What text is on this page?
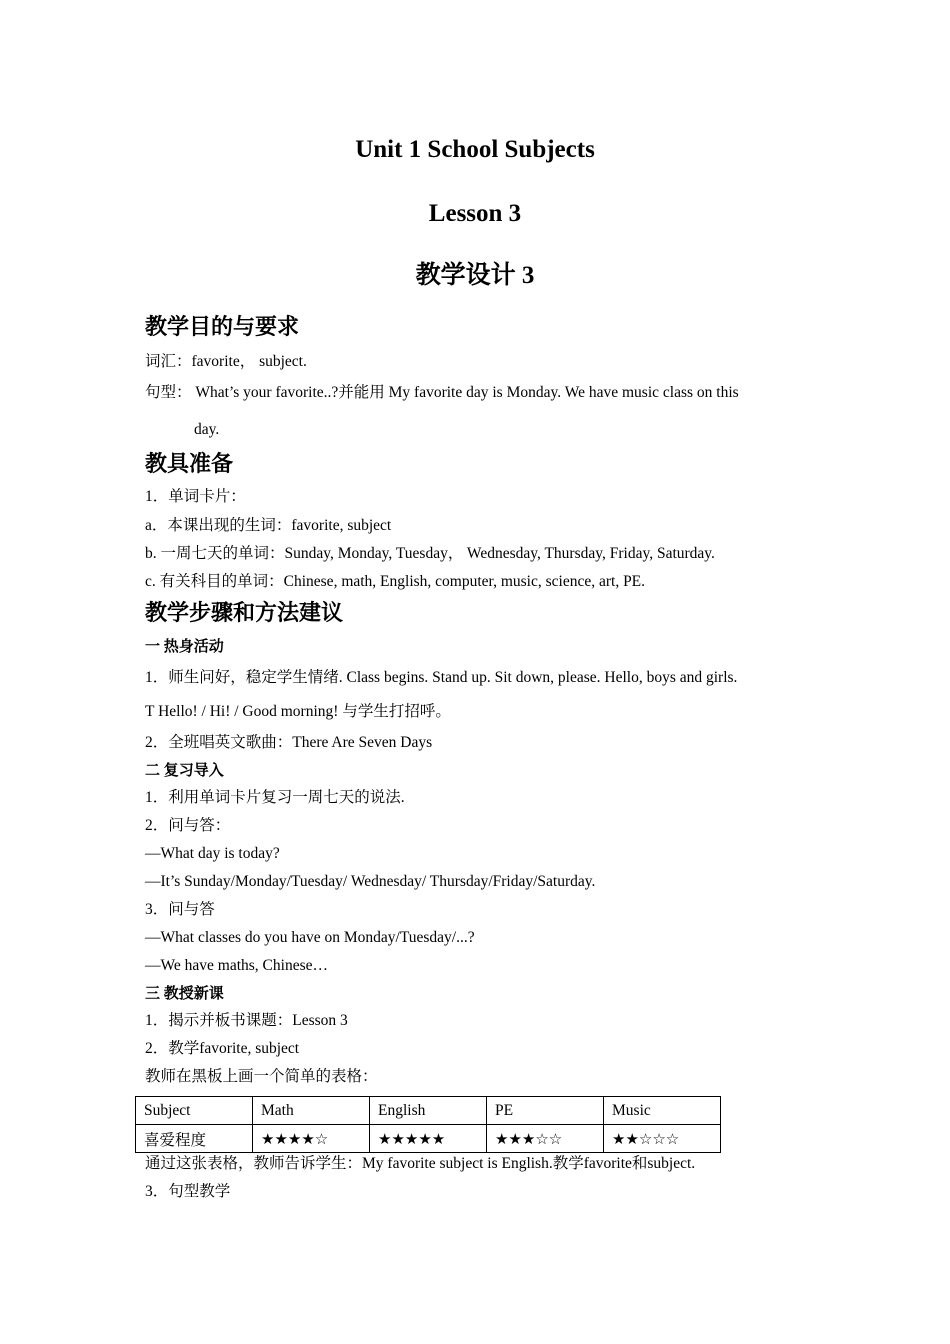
Unit 1 School Subjects
Lesson 3
教学设计 3
教学目的与要求

词汇：favorite， subject.

句型： What’s your favorite..?并能用 My favorite day is Monday. We have music class on this

day.

教具准备

1．单词卡片：

a．本课出现的生词：favorite, subject

b. 一周七天的单词：Sunday, Monday, Tuesday， Wednesday, Thursday, Friday, Saturday.

c. 有关科目的单词：Chinese, math, English, computer, music, science, art, PE.

教学步骤和方法建议
一 热身活动

1．师生问好，稳定学生情绪. Class begins. Stand up. Sit down, please. Hello, boys and girls.

T Hello! / Hi! / Good morning! 与学生打招呼。

2．全班唱英文歌曲：There Are Seven Days

二 复习导入

1．利用单词卡片复习一周七天的说法.

2．问与答：

—What day is today?

—It’s Sunday/Monday/Tuesday/ Wednesday/ Thursday/Friday/Saturday.

3．问与答

—What classes do you have on Monday/Tuesday/...?

—We have maths, Chinese…

三 教授新课

1．揭示并板书课题：Lesson 3

2．教学favorite, subject

教师在黑板上画一个简单的表格：

Subject	Math	English	PE	Music
喜爱程度	★★★★☆	★★★★★	★★★☆☆	★★☆☆☆

通过这张表格，教师告诉学生：My favorite subject is English.教学favorite和subject.

3．句型教学
